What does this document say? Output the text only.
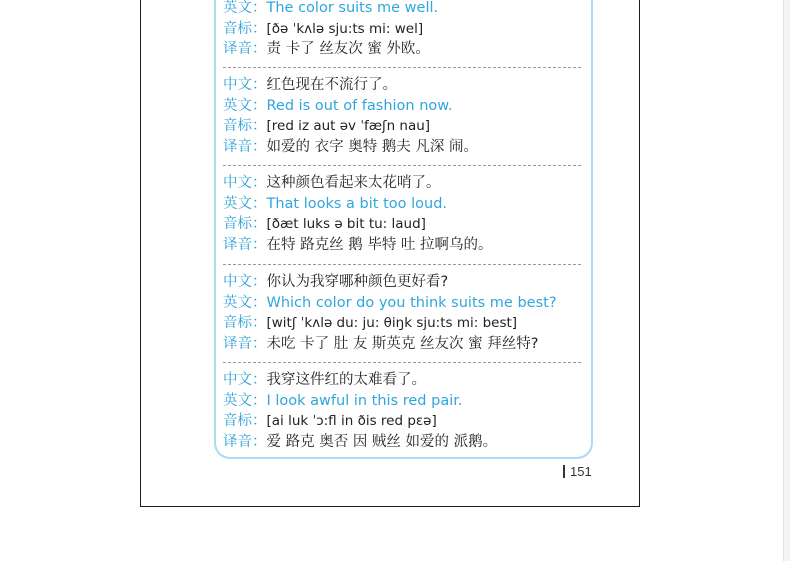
英文：The color suits me well.
音标：[ðə ˈkʌlə sju:ts mi: wel]
译音：责 卡了 丝友次 蜜 外欧。
中文：红色现在不流行了。
英文：Red is out of fashion now.
音标：[red iz aut əv ˈfæʃn nau]
译音：如爱的 衣字 奥特 鹅夫 凡深 闹。
中文：这种颜色看起来太花哨了。
英文：That looks a bit too loud.
音标：[ðæt luks ə bit tu: laud]
译音：在特 路克丝 鹅 毕特 吐 拉啊乌的。
中文：你认为我穿哪种颜色更好看?
英文：Which color do you think suits me best?
音标：[witʃ ˈkʌlə du: ju: θiŋk sju:ts mi: best]
译音：未吃 卡了 肚 友 斯英克 丝友次 蜜 拜丝特?
中文：我穿这件红的太难看了。
英文：I look awful in this red pair.
音标：[ai luk ˈɔ:fl in ðis red pɛə]
译音：爱 路克 奥否 因 贼丝 如爱的 派鹅。
151
